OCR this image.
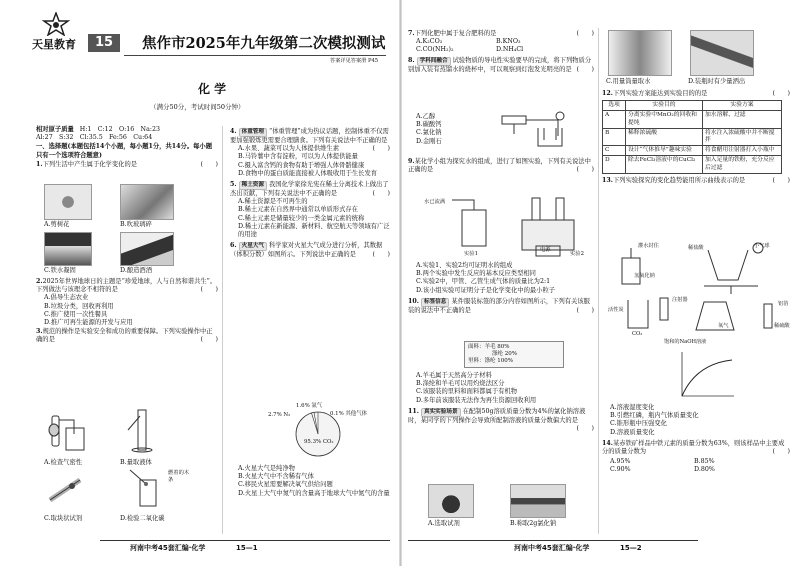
天星教育	15	焦作市2025年九年级第二次模拟测试
答案详见答案册 P45
化 学
（满分50分，考试时间50分钟）
相对原子质量 H:1　C:12　O:16　Na:23
Al:27　S:32　Cl:35.5　Fe:56　Cu:64
一、选择题(本题包括14个小题，每小题1分，共14分。每小题只有一个选项符合题意)
1.下列生活中产生属于化学变化的是	(　　)
A.剪树花	B.吹玻璃碎
C.铁水凝固	D.酿造酒酒
2.2025年世界地球日的主题是“珍爱地球，人与自然和谐共生”。下列做法与该理念不相符的是	(　　)
A.倡导生态农业
B.垃圾分类，回收再利用
C.推广使用一次性餐具
D.推广可再生能源的开发与应用
3.规范的操作是实验安全和成功的重要保障。下列实验操作中正确的是	(　　)
A.检查气密性	B.量取液体
燃着的木条
C.取块状试剂	D.检验二氧化碳
4. 体重管理 “体重管理”成为热议话题，控制体重不仅需要加强锻炼更需要合理膳食。下列有关说法中不正确的是
(　　)
A.水果、蔬菜可以为人体提供维生素
B.马铃薯中含有淀粉，可以为人体提供能量
C.摄入富含钙的食物有助于增强人体骨骼健康
D.食物中的蛋白质能直接被人体吸收用于生长发育
5. 稀土资源 我国化学家徐光宪在稀土分离技术上做出了杰出贡献，下列有关说法中不正确的是	(　　)
A.稀土资源是不可再生的
B.稀土元素在自然界中通常以单质形式存在
C.稀土元素是储量较少的一类金属元素的统称
D.稀土元素在新能源、新材料、航空航天等领域有广泛的用途
6. 火星大气 科学家对火星大气成分进行分析，其数据（体积分数）如图所示。下列说法中正确的是	(　　)
2.7% N₂
1.6% 氩气
0.1% 其他气体
95.3% CO₂
A.火星大气是纯净物
B.火星大气中不含稀有气体
C.移民火星需要解决氧气供给问题
D.火星上大气中氮气的含量高于地球大气中氮气的含量
河南中考45套汇编·化学	15—1
7.下列化肥中属于复合肥料的是	(　　)
A.K₂CO₃	B.KNO₃
C.CO(NH₂)₂	D.NH₄Cl
8. 学科间融合 试验物质的导电性实验要早的完成，将下列物质分别加入装有蒸馏水的烧杯中，可以观察到灯泡发光明亮的是 (　　)
A.乙醇
B.碳酸钙
C.氯化钠
D.金刚石
9.某化学小组为探究水的组成，进行了如图实验，下列有关说法中正确的是	(　　)
水已流满
实验1	实验2
电源
A.实验1、实验2均可证明水的组成
B.两个实验中发生反应的基本反应类型相同
C.实验2中，甲管、乙管生成气体的质量比为2:1
D.该小组实验可证明分子是化学变化中的最小粒子
10. 标签信息 某件服装标签的部分内容如图所示，下列有关该服装的说法中不正确的是	(　　)
面料：羊毛 80%
涤纶 20%
里料：涤纶 100%
A.羊毛属于天然高分子材料
B.涤纶和羊毛可以用灼烧法区分
C.该服装的里料和面料都属于有机物
D.多年前该服装无法作为再生资源回收利用
11. 真实实验场景 在配制50g溶质质量分数为4%的氯化钠溶液时，某同学的下列操作会导致所配制溶液的质量分数偏大的是
(　　)
A.选取试剂	B.称取2g氯化钠
C.用量筒量取水	D.装瓶时有少量洒出
12.下列实验方案能达到实验目的的是	(　　)
选项	实验目的	实验方案
A	分离实验中MnO₂的回收和提纯	加水溶解、过滤
B	稀释浓硫酸	将水注入浓硫酸中并不断搅拌
C	设计“气体推导”趣味实验	将食醋用注射器打入小瓶中
D	除去FeCl₃溶液中的CuCl₂	加入足量的铁粉，充分反应后过滤
13.下列实验探究的变化趋势能用所示曲线表示的是	(　　)
灌水封住
氢氧化钠
稀盐酸	小气球
注射器
活性炭
氧气
CO₂
饱和的NaOH溶液
铝箔
稀硫酸
A.溶液湿度变化
B.引燃红磷，瓶内气体质量变化
C.锥形瓶中压强变化
D.溶液质量变化
14.某赤铁矿样品中铁元素的质量分数为63%，则该样品中主要成分的质量分数为	(　　)
A.95%	B.85%
C.90%	D.80%
河南中考45套汇编·化学	15—2
